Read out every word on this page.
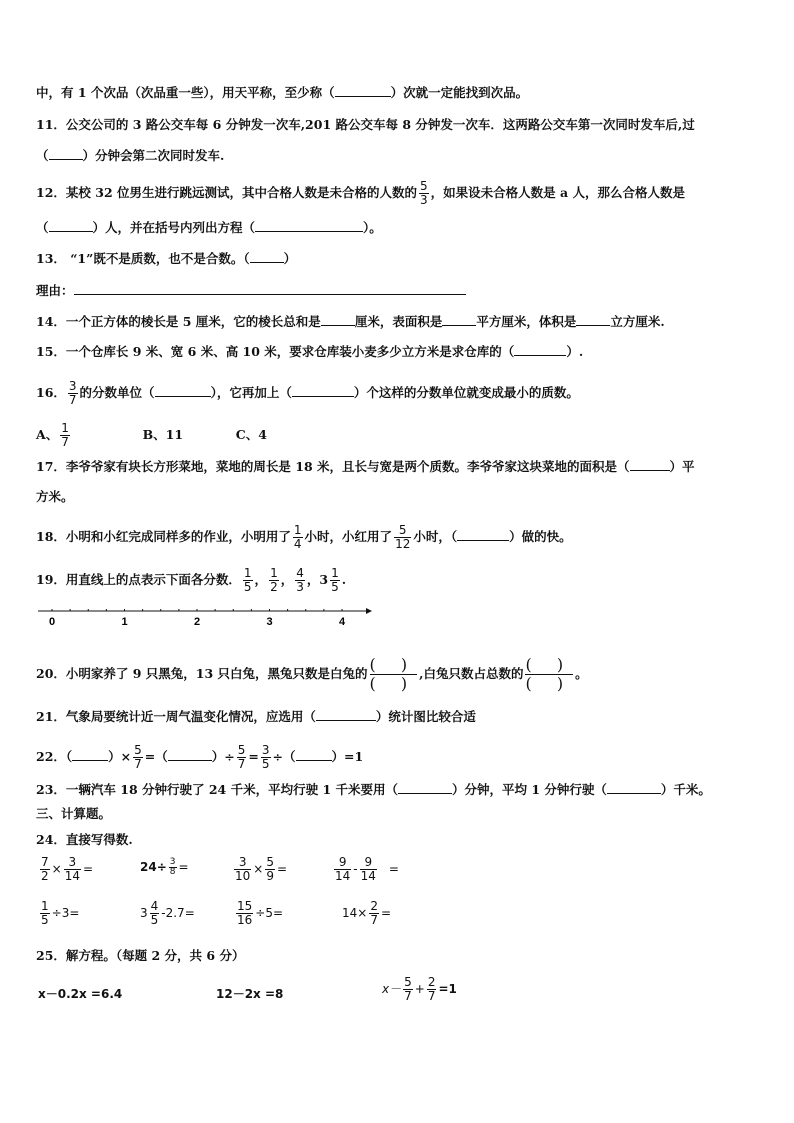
中，有 1 个次品（次品重一些），用天平称，至少称（	）次就一定能找到次品。
11．公交公司的 3 路公交车每 6 分钟发一次车,201 路公交车每 8 分钟发一次车．这两路公交车第一次同时发车后,过
（	）分钟会第二次同时发车.
12．某校 32 位男生进行跳远测试，其中合格人数是未合格的人数的 $\frac{5}{3}$ ，如果设未合格人数是 a 人，那么合格人数是
（	）人，并在括号内列出方程（	）。
13． “1”既不是质数，也不是合数。（	）
理由：
14．一个正方体的棱长是 5 厘米，它的棱长总和是	厘米，表面积是	平方厘米，体积是	立方厘米.
15．一个仓库长 9 米、宽 6 米、高 10 米，要求仓库装小麦多少立方米是求仓库的（	）.
16． $\frac{3}{7}$ 的分数单位（	），它再加上（	）个这样的分数单位就变成最小的质数。
A、 $\frac{1}{7}$	B、11	C、4
17．李爷爷家有块长方形菜地，菜地的周长是 18 米，且长与宽是两个质数。李爷爷家这块菜地的面积是（	）平
方米。
18．小明和小红完成同样多的作业，小明用了 $\frac{1}{4}$ 小时，小红用了 $\frac{5}{12}$ 小时，（	）做的快。
19．用直线上的点表示下面各分数． $\frac{1}{5}$ ， $\frac{1}{2}$ ， $\frac{4}{3}$ ，$3 \frac{1}{5}$ .
0	1	2	3	4
20．小明家养了 9 只黑兔，13 只白兔，黑兔只数是白兔的 ( )
( )
,白兔只数占总数的 ( )
( )
。
21．气象局要统计近一周气温变化情况，应选用（	）统计图比较合适
22．（	）× $\frac{5}{7}$ =（	）÷ $\frac{5}{7} = \frac{3}{5}$ ÷（	）=1
23．一辆汽车 18 分钟行驶了 24 千米，平均行驶 1 千米要用（	）分钟，平均 1 分钟行驶（	）千米。
三、计算题。
24．直接写得数.
$\frac{7}{2} \times \frac{3}{14}$ =	$24\div \frac{3}{8}$ =	$\frac{3}{10} \times \frac{5}{9}$ =	$\frac{9}{14} - \frac{9}{14}$ =
$\frac{1}{5} \div 3=$	$3 \frac{4}{5} -2.7=$	$\frac{15}{16} \div 5=$	$14\times \frac{2}{7}$ =
25．解方程。（每题 2 分，共 6 分）
x－0.2x =6.4	12－2x =8	$x- \frac{5}{7} + \frac{2}{7} =1$
